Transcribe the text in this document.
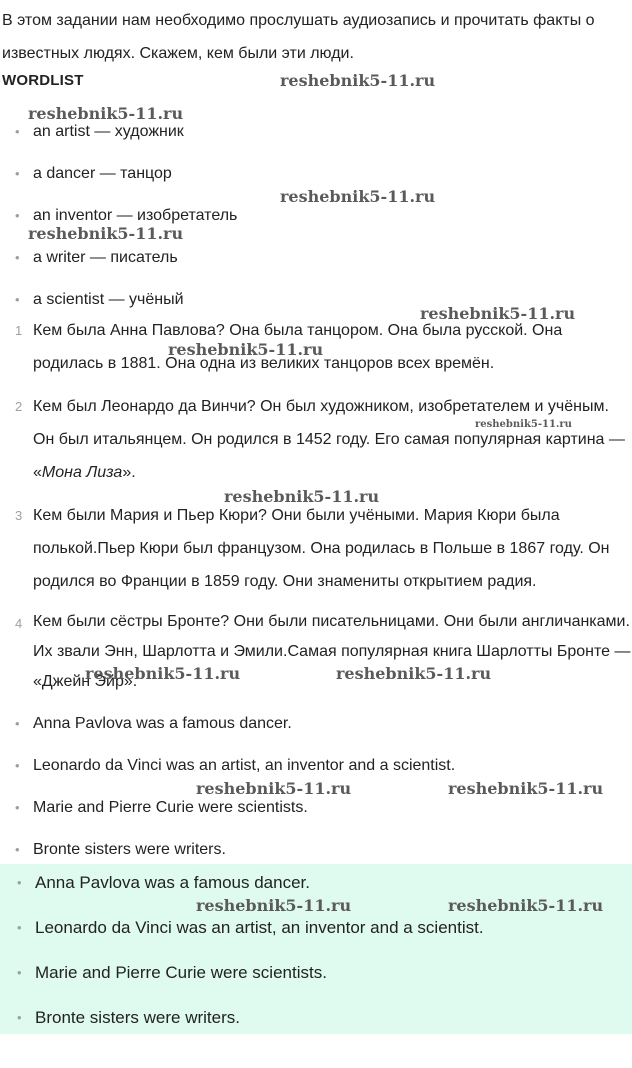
В этом задании нам необходимо прослушать аудиозапись и прочитать факты о известных людях. Скажем, кем были эти люди.

WORDLIST

• an artist — художник
• a dancer — танцор
• an inventor — изобретатель
• a writer — писатель
• a scientist — учёный
1 Кем была Анна Павлова? Она была танцором. Она была русской. Она родилась в 1881. Она одна из великих танцоров всех времён.
2 Кем был Леонардо да Винчи? Он был художником, изобретателем и учёным. Он был итальянцем. Он родился в 1452 году. Его самая популярная картина — «Мона Лиза».
3 Кем были Мария и Пьер Кюри? Они были учёными. Мария Кюри была полькой.Пьер Кюри был французом. Она родилась в Польше в 1867 году. Он родился во Франции в 1859 году. Они знамениты открытием радия.
4 Кем были сёстры Бронте? Они были писательницами. Они были англичанками. Их звали Энн, Шарлотта и Эмили.Самая популярная книга Шарлотты Бронте — «Джейн Эйр».
• Anna Pavlova was a famous dancer.
• Leonardo da Vinci was an artist, an inventor and a scientist.
• Marie and Pierre Curie were scientists.
• Bronte sisters were writers.
• Anna Pavlova was a famous dancer.
• Leonardo da Vinci was an artist, an inventor and a scientist.
• Marie and Pierre Curie were scientists.
• Bronte sisters were writers.
reshebnik5-11.ru
reshebnik5-11.ru
reshebnik5-11.ru
reshebnik5-11.ru
reshebnik5-11.ru
reshebnik5-11.ru
reshebnik5-11.ru
reshebnik5-11.ru
reshebnik5-11.ru	reshebnik5-11.ru
reshebnik5-11.ru	reshebnik5-11.ru
reshebnik5-11.ru	reshebnik5-11.ru
